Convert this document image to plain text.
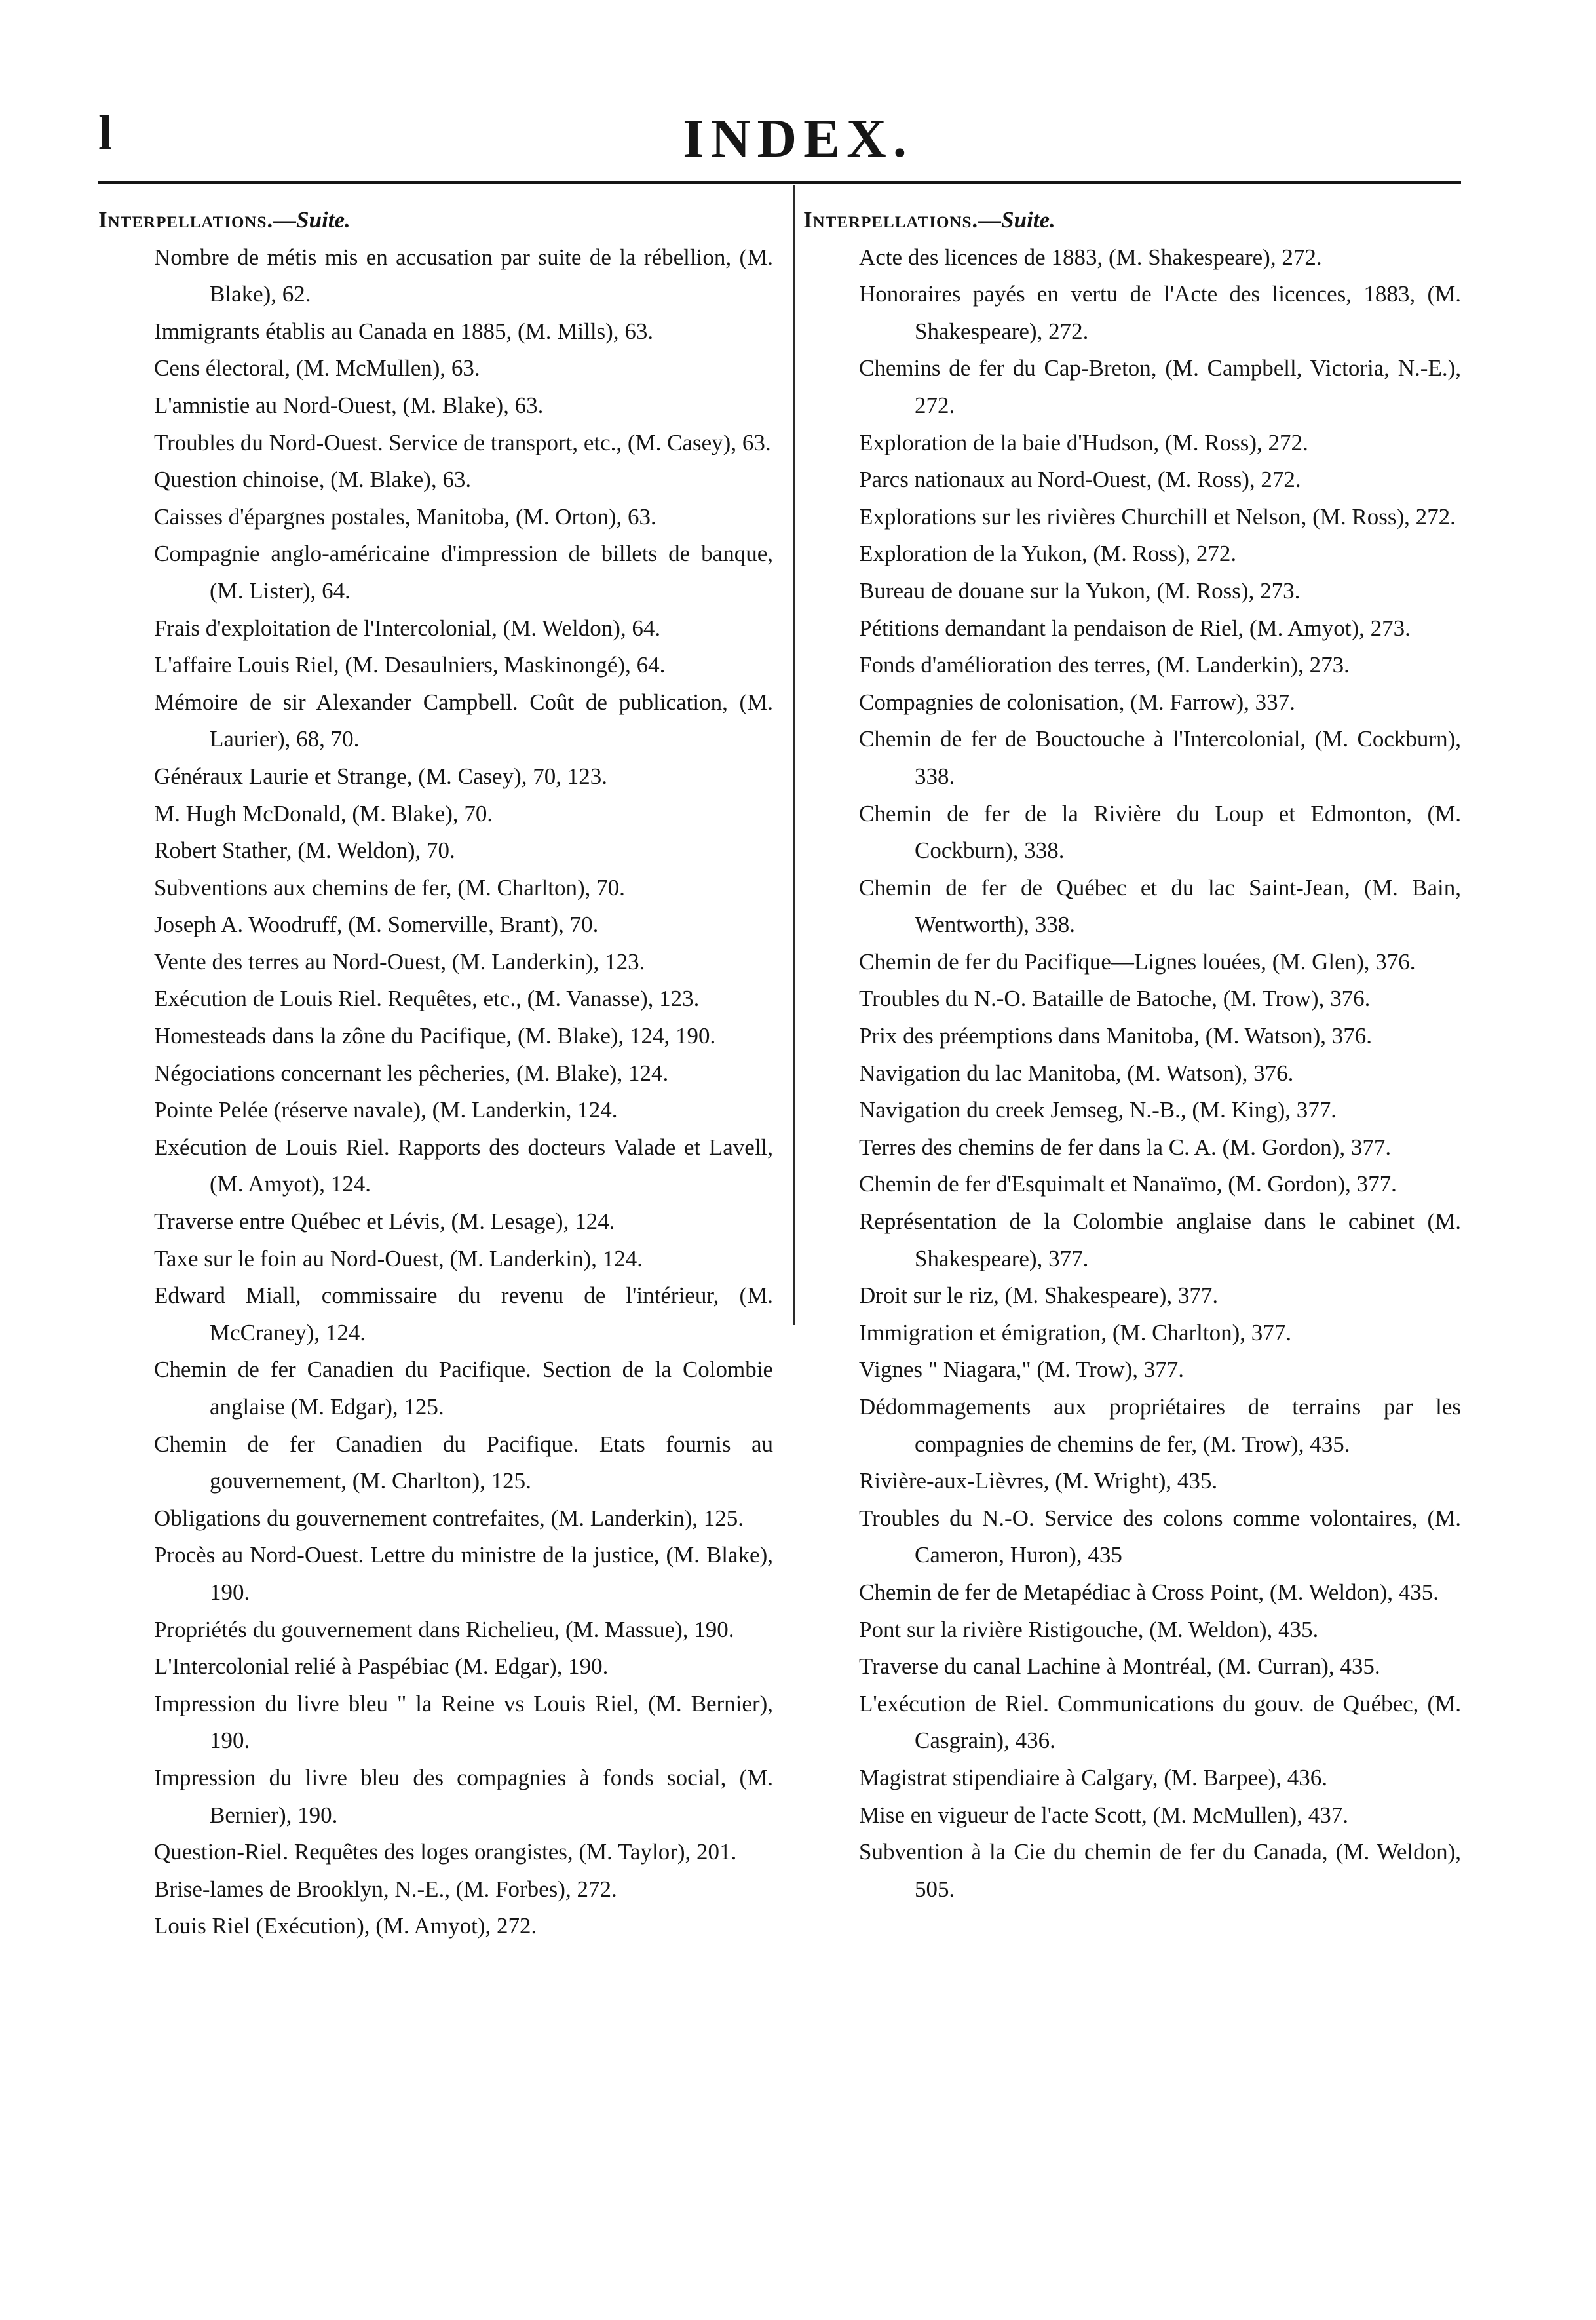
l	INDEX.
Interpellations.—Suite.
Nombre de métis mis en accusation par suite de la rébellion, (M. Blake), 62.
Immigrants établis au Canada en 1885, (M. Mills), 63.
Cens électoral, (M. McMullen), 63.
L'amnistie au Nord-Ouest, (M. Blake), 63.
Troubles du Nord-Ouest. Service de transport, etc., (M. Casey), 63.
Question chinoise, (M. Blake), 63.
Caisses d'épargnes postales, Manitoba, (M. Orton), 63.
Compagnie anglo-américaine d'impression de billets de banque, (M. Lister), 64.
Frais d'exploitation de l'Intercolonial, (M. Weldon), 64.
L'affaire Louis Riel, (M. Desaulniers, Maskinongé), 64.
Mémoire de sir Alexander Campbell. Coût de publication, (M. Laurier), 68, 70.
Généraux Laurie et Strange, (M. Casey), 70, 123.
M. Hugh McDonald, (M. Blake), 70.
Robert Stather, (M. Weldon), 70.
Subventions aux chemins de fer, (M. Charlton), 70.
Joseph A. Woodruff, (M. Somerville, Brant), 70.
Vente des terres au Nord-Ouest, (M. Landerkin), 123.
Exécution de Louis Riel. Requêtes, etc., (M. Vanasse), 123.
Homesteads dans la zône du Pacifique, (M. Blake), 124, 190.
Négociations concernant les pêcheries, (M. Blake), 124.
Pointe Pelée (réserve navale), (M. Landerkin, 124.
Exécution de Louis Riel. Rapports des docteurs Valade et Lavell, (M. Amyot), 124.
Traverse entre Québec et Lévis, (M. Lesage), 124.
Taxe sur le foin au Nord-Ouest, (M. Landerkin), 124.
Edward Miall, commissaire du revenu de l'intérieur, (M. McCraney), 124.
Chemin de fer Canadien du Pacifique. Section de la Colombie anglaise (M. Edgar), 125.
Chemin de fer Canadien du Pacifique. Etats fournis au gouvernement, (M. Charlton), 125.
Obligations du gouvernement contrefaites, (M. Landerkin), 125.
Procès au Nord-Ouest. Lettre du ministre de la justice, (M. Blake), 190.
Propriétés du gouvernement dans Richelieu, (M. Massue), 190.
L'Intercolonial relié à Paspébiac (M. Edgar), 190.
Impression du livre bleu " la Reine vs Louis Riel, (M. Bernier), 190.
Impression du livre bleu des compagnies à fonds social, (M. Bernier), 190.
Question-Riel. Requêtes des loges orangistes, (M. Taylor), 201.
Brise-lames de Brooklyn, N.-E., (M. Forbes), 272.
Louis Riel (Exécution), (M. Amyot), 272.
Interpellations.—Suite.
Acte des licences de 1883, (M. Shakespeare), 272.
Honoraires payés en vertu de l'Acte des licences, 1883, (M. Shakespeare), 272.
Chemins de fer du Cap-Breton, (M. Campbell, Victoria, N.-E.), 272.
Exploration de la baie d'Hudson, (M. Ross), 272.
Parcs nationaux au Nord-Ouest, (M. Ross), 272.
Explorations sur les rivières Churchill et Nelson, (M. Ross), 272.
Exploration de la Yukon, (M. Ross), 272.
Bureau de douane sur la Yukon, (M. Ross), 273.
Pétitions demandant la pendaison de Riel, (M. Amyot), 273.
Fonds d'amélioration des terres, (M. Landerkin), 273.
Compagnies de colonisation, (M. Farrow), 337.
Chemin de fer de Bouctouche à l'Intercolonial, (M. Cockburn), 338.
Chemin de fer de la Rivière du Loup et Edmonton, (M. Cockburn), 338.
Chemin de fer de Québec et du lac Saint-Jean, (M. Bain, Wentworth), 338.
Chemin de fer du Pacifique—Lignes louées, (M. Glen), 376.
Troubles du N.-O. Bataille de Batoche, (M. Trow), 376.
Prix des préemptions dans Manitoba, (M. Watson), 376.
Navigation du lac Manitoba, (M. Watson), 376.
Navigation du creek Jemseg, N.-B., (M. King), 377.
Terres des chemins de fer dans la C. A. (M. Gordon), 377.
Chemin de fer d'Esquimalt et Nanaïmo, (M. Gordon), 377.
Représentation de la Colombie anglaise dans le cabinet (M. Shakespeare), 377.
Droit sur le riz, (M. Shakespeare), 377.
Immigration et émigration, (M. Charlton), 377.
Vignes " Niagara," (M. Trow), 377.
Dédommagements aux propriétaires de terrains par les compagnies de chemins de fer, (M. Trow), 435.
Rivière-aux-Lièvres, (M. Wright), 435.
Troubles du N.-O. Service des colons comme volontaires, (M. Cameron, Huron), 435
Chemin de fer de Metapédiac à Cross Point, (M. Weldon), 435.
Pont sur la rivière Ristigouche, (M. Weldon), 435.
Traverse du canal Lachine à Montréal, (M. Curran), 435.
L'exécution de Riel. Communications du gouv. de Québec, (M. Casgrain), 436.
Magistrat stipendiaire à Calgary, (M. Barpee), 436.
Mise en vigueur de l'acte Scott, (M. McMullen), 437.
Subvention à la Cie du chemin de fer du Canada, (M. Weldon), 505.
